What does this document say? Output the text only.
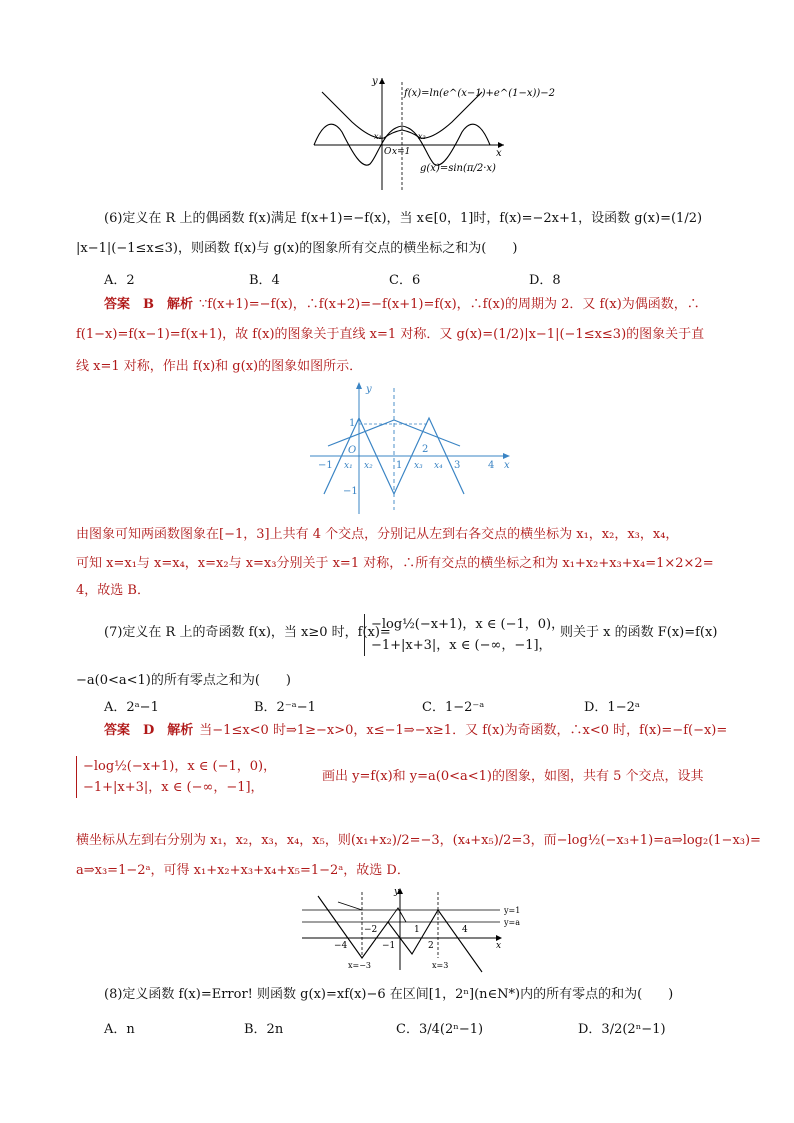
f(x)=ln(e^(x−1)+e^(1−x))−2
g(x)=sin(π/2·x)
x
y
x₁	x₂
O x=1
(6)定义在 R 上的偶函数 f(x)满足 f(x+1)=−f(x)，当 x∈[0，1]时，f(x)=−2x+1，设函数 g(x)=(1/2)
|x−1|(−1≤x≤3)，则函数 f(x)与 g(x)的图象所有交点的横坐标之和为(　　)
A．2	B．4	C．6	D．8
答案　B　解析 ∵f(x+1)=−f(x)，∴f(x+2)=−f(x+1)=f(x)，∴f(x)的周期为 2．又 f(x)为偶函数，∴
f(1−x)=f(x−1)=f(x+1)，故 f(x)的图象关于直线 x=1 对称．又 g(x)=(1/2)|x−1|(−1≤x≤3)的图象关于直
线 x=1 对称，作出 f(x)和 g(x)的图象如图所示．
y
x
O
1
−1
−1	1	3	4
2
x₁ x₂	x₃ x₄
由图象可知两函数图象在[−1，3]上共有 4 个交点，分别记从左到右各交点的横坐标为 x₁，x₂，x₃，x₄，
可知 x=x₁与 x=x₄，x=x₂与 x=x₃分别关于 x=1 对称，∴所有交点的横坐标之和为 x₁+x₂+x₃+x₄=1×2×2=
4，故选 B．
(7)定义在 R 上的奇函数 f(x)，当 x≥0 时，f(x)=
−log½(−x+1)，x ∈ (−1，0)，
−1+|x+3|，x ∈ (−∞，−1]，
则关于 x 的函数 F(x)=f(x)
−a(0<a<1)的所有零点之和为(　　)
A．2ᵃ−1	B．2⁻ᵃ−1	C．1−2⁻ᵃ	D．1−2ᵃ
答案　D　解析 当−1≤x<0 时⇒1≥−x>0，x≤−1⇒−x≥1．又 f(x)为奇函数，∴x<0 时，f(x)=−f(−x)=
−log½(−x+1)，x ∈ (−1，0)，
−1+|x+3|，x ∈ (−∞，−1]，
画出 y=f(x)和 y=a(0<a<1)的图象，如图，共有 5 个交点，设其
横坐标从左到右分别为 x₁，x₂，x₃，x₄，x₅，则(x₁+x₂)/2=−3，(x₄+x₅)/2=3，而−log½(−x₃+1)=a⇒log₂(1−x₃)=
a⇒x₃=1−2ᵃ，可得 x₁+x₂+x₃+x₄+x₅=1−2ᵃ，故选 D．
y
x
y=1
y=a
−4
−2
−1
1
2
4
x=−3	x=3
(8)定义函数 f(x)=Error! 则函数 g(x)=xf(x)−6 在区间[1，2ⁿ](n∈N*)内的所有零点的和为(　　)
A．n	B．2n	C．3/4(2ⁿ−1)	D．3/2(2ⁿ−1)
